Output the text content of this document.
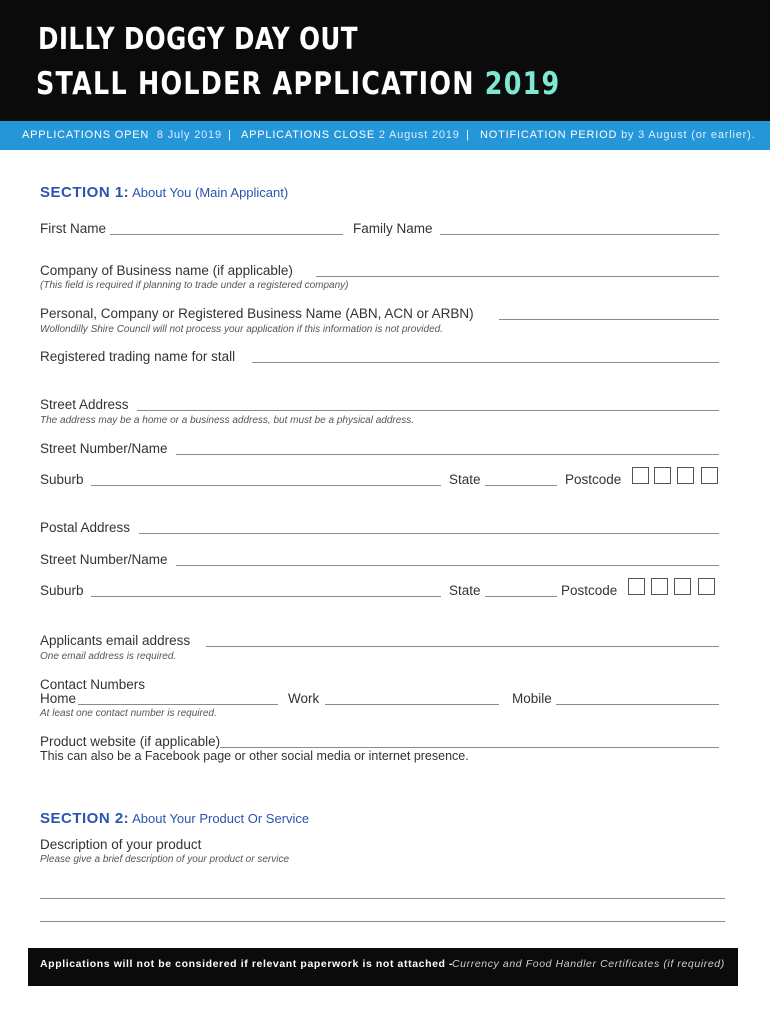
DILLY DOGGY DAY OUT
STALL HOLDER APPLICATION 2019
APPLICATIONS OPEN 8 July 2019 | APPLICATIONS CLOSE 2 August 2019 | NOTIFICATION PERIOD by 3 August (or earlier).
SECTION 1: About You (Main Applicant)
First Name	Family Name
Company of Business name (if applicable)
(This field is required if planning to trade under a registered company)
Personal, Company or Registered Business Name (ABN, ACN or ARBN)
Wollondilly Shire Council will not process your application if this information is not provided.
Registered trading name for stall
Street Address
The address may be a home or a business address, but must be a physical address.
Street Number/Name
Suburb	State	Postcode
Postal Address
Street Number/Name
Suburb	State	Postcode
Applicants email address
One email address is required.
Contact Numbers
Home	Work	Mobile
At least one contact number is required.
Product website (if applicable)
This can also be a Facebook page or other social media or internet presence.
SECTION 2: About Your Product Or Service
Description of your product
Please give a brief description of your product or service
Applications will not be considered if relevant paperwork is not attached -
Currency and Food Handler Certificates (if required)
